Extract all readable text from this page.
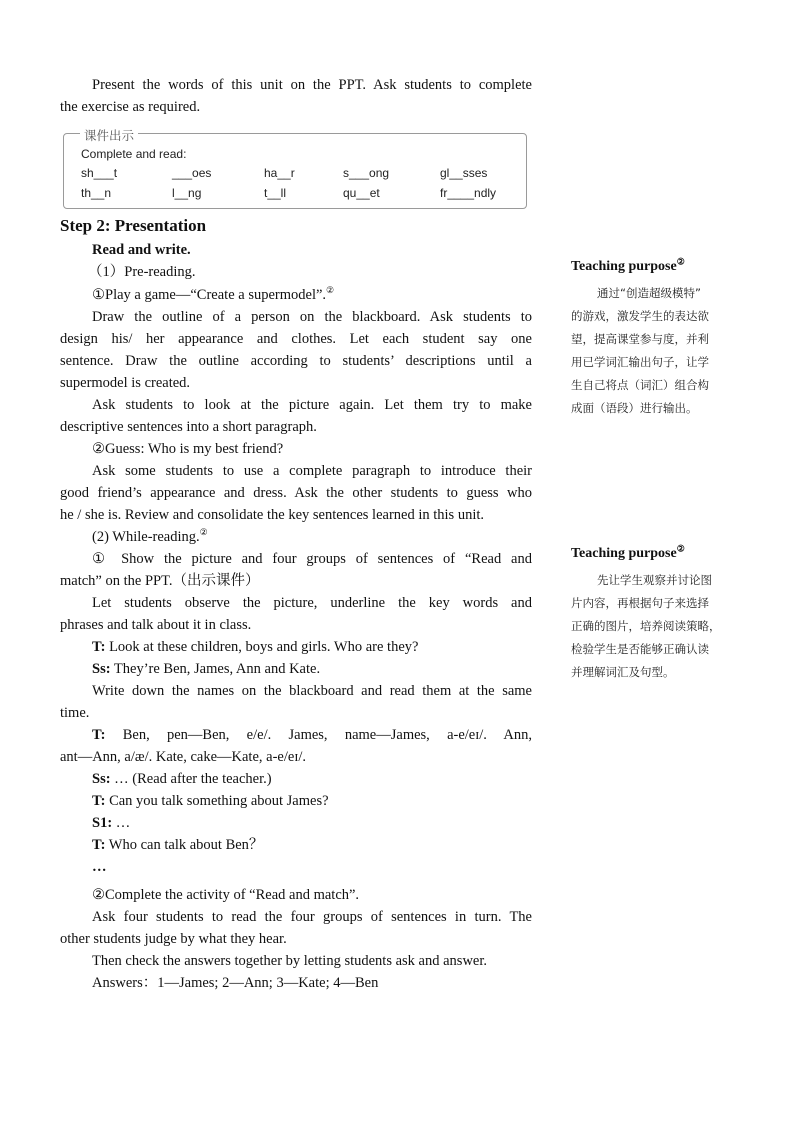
Present the words of this unit on the PPT. Ask students to complete

the exercise as required.

课件出示
Complete and read:
sh___t	___oes	ha__r	s___ong	gl__sses
th__n	l__ng	t__ll	qu__et	fr____ndly
Step 2: Presentation

Read and write.

（1）Pre-reading.

①Play a game—“Create a supermodel”.②

Draw the outline of a person on the blackboard. Ask students to

design his/ her appearance and clothes. Let each student say one

sentence. Draw the outline according to students’ descriptions until a

supermodel is created.

Ask students to look at the picture again. Let them try to make

descriptive sentences into a short paragraph.

②Guess: Who is my best friend?

Ask some students to use a complete paragraph to introduce their

good friend’s appearance and dress. Ask the other students to guess who

he / she is. Review and consolidate the key sentences learned in this unit.

(2) While-reading.②

① Show the picture and four groups of sentences of “Read and

match” on the PPT.（出示课件）

Let students observe the picture, underline the key words and

phrases and talk about it in class.

T: Look at these children, boys and girls. Who are they?

Ss: They’re Ben, James, Ann and Kate.

Write down the names on the blackboard and read them at the same

time.

T: Ben, pen—Ben, e/e/. James, name—James, a-e/eɪ/. Ann,

ant—Ann, a/æ/. Kate, cake—Kate, a-e/eɪ/.

Ss: … (Read after the teacher.)

T: Can you talk something about James?

S1: …

T: Who can talk about Ben？

…

②Complete the activity of “Read and match”.

Ask four students to read the four groups of sentences in turn. The

other students judge by what they hear.

Then check the answers together by letting students ask and answer.

Answers：1—James; 2—Ann; 3—Kate; 4—Ben

Teaching purpose②
通过“创造超级模特”
的游戏，激发学生的表达欲
望，提高课堂参与度，并利
用已学词汇输出句子，让学
生自己将点（词汇）组合构
成面（语段）进行输出。
Teaching purpose②
先让学生观察并讨论图
片内容，再根据句子来选择
正确的图片，培养阅读策略，
检验学生是否能够正确认读
并理解词汇及句型。
